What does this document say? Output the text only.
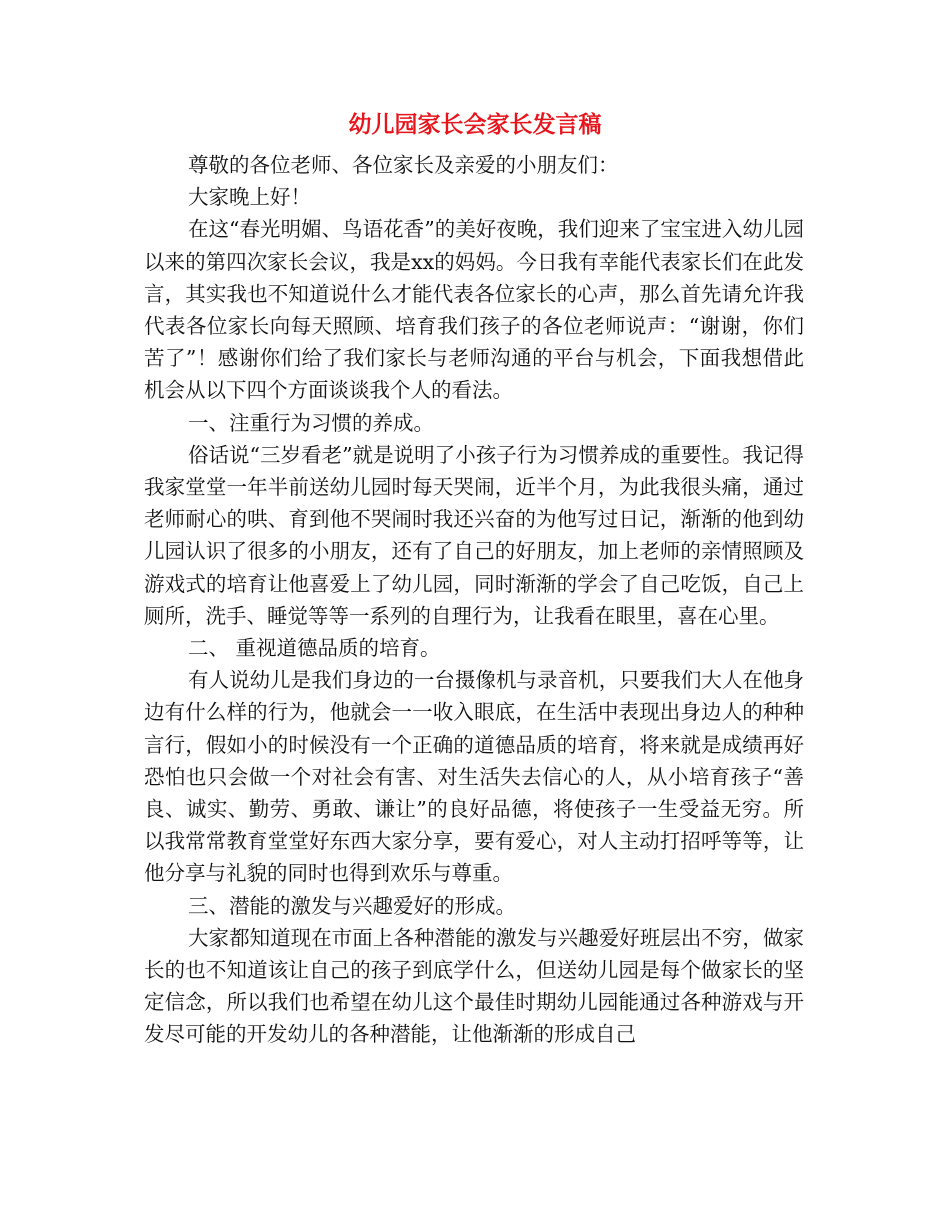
幼儿园家长会家长发言稿

尊敬的各位老师、各位家长及亲爱的小朋友们：

大家晚上好！

在这“春光明媚、鸟语花香”的美好夜晚，我们迎来了宝宝进入幼儿园以来的第四次家长会议，我是xx的妈妈。今日我有幸能代表家长们在此发言，其实我也不知道说什么才能代表各位家长的心声，那么首先请允许我代表各位家长向每天照顾、培育我们孩子的各位老师说声：“谢谢，你们苦了”！感谢你们给了我们家长与老师沟通的平台与机会，下面我想借此机会从以下四个方面谈谈我个人的看法。

一、注重行为习惯的养成。

俗话说“三岁看老”就是说明了小孩子行为习惯养成的重要性。我记得我家堂堂一年半前送幼儿园时每天哭闹，近半个月，为此我很头痛，通过老师耐心的哄、育到他不哭闹时我还兴奋的为他写过日记，渐渐的他到幼儿园认识了很多的小朋友，还有了自己的好朋友，加上老师的亲情照顾及游戏式的培育让他喜爱上了幼儿园，同时渐渐的学会了自己吃饭，自己上厕所，洗手、睡觉等等一系列的自理行为，让我看在眼里，喜在心里。

二、 重视道德品质的培育。

有人说幼儿是我们身边的一台摄像机与录音机，只要我们大人在他身边有什么样的行为，他就会一一收入眼底，在生活中表现出身边人的种种言行，假如小的时候没有一个正确的道德品质的培育，将来就是成绩再好恐怕也只会做一个对社会有害、对生活失去信心的人，从小培育孩子“善良、诚实、勤劳、勇敢、谦让”的良好品德，将使孩子一生受益无穷。所以我常常教育堂堂好东西大家分享，要有爱心，对人主动打招呼等等，让他分享与礼貌的同时也得到欢乐与尊重。

三、潜能的激发与兴趣爱好的形成。

大家都知道现在市面上各种潜能的激发与兴趣爱好班层出不穷，做家长的也不知道该让自己的孩子到底学什么，但送幼儿园是每个做家长的坚定信念，所以我们也希望在幼儿这个最佳时期幼儿园能通过各种游戏与开发尽可能的开发幼儿的各种潜能，让他渐渐的形成自己
